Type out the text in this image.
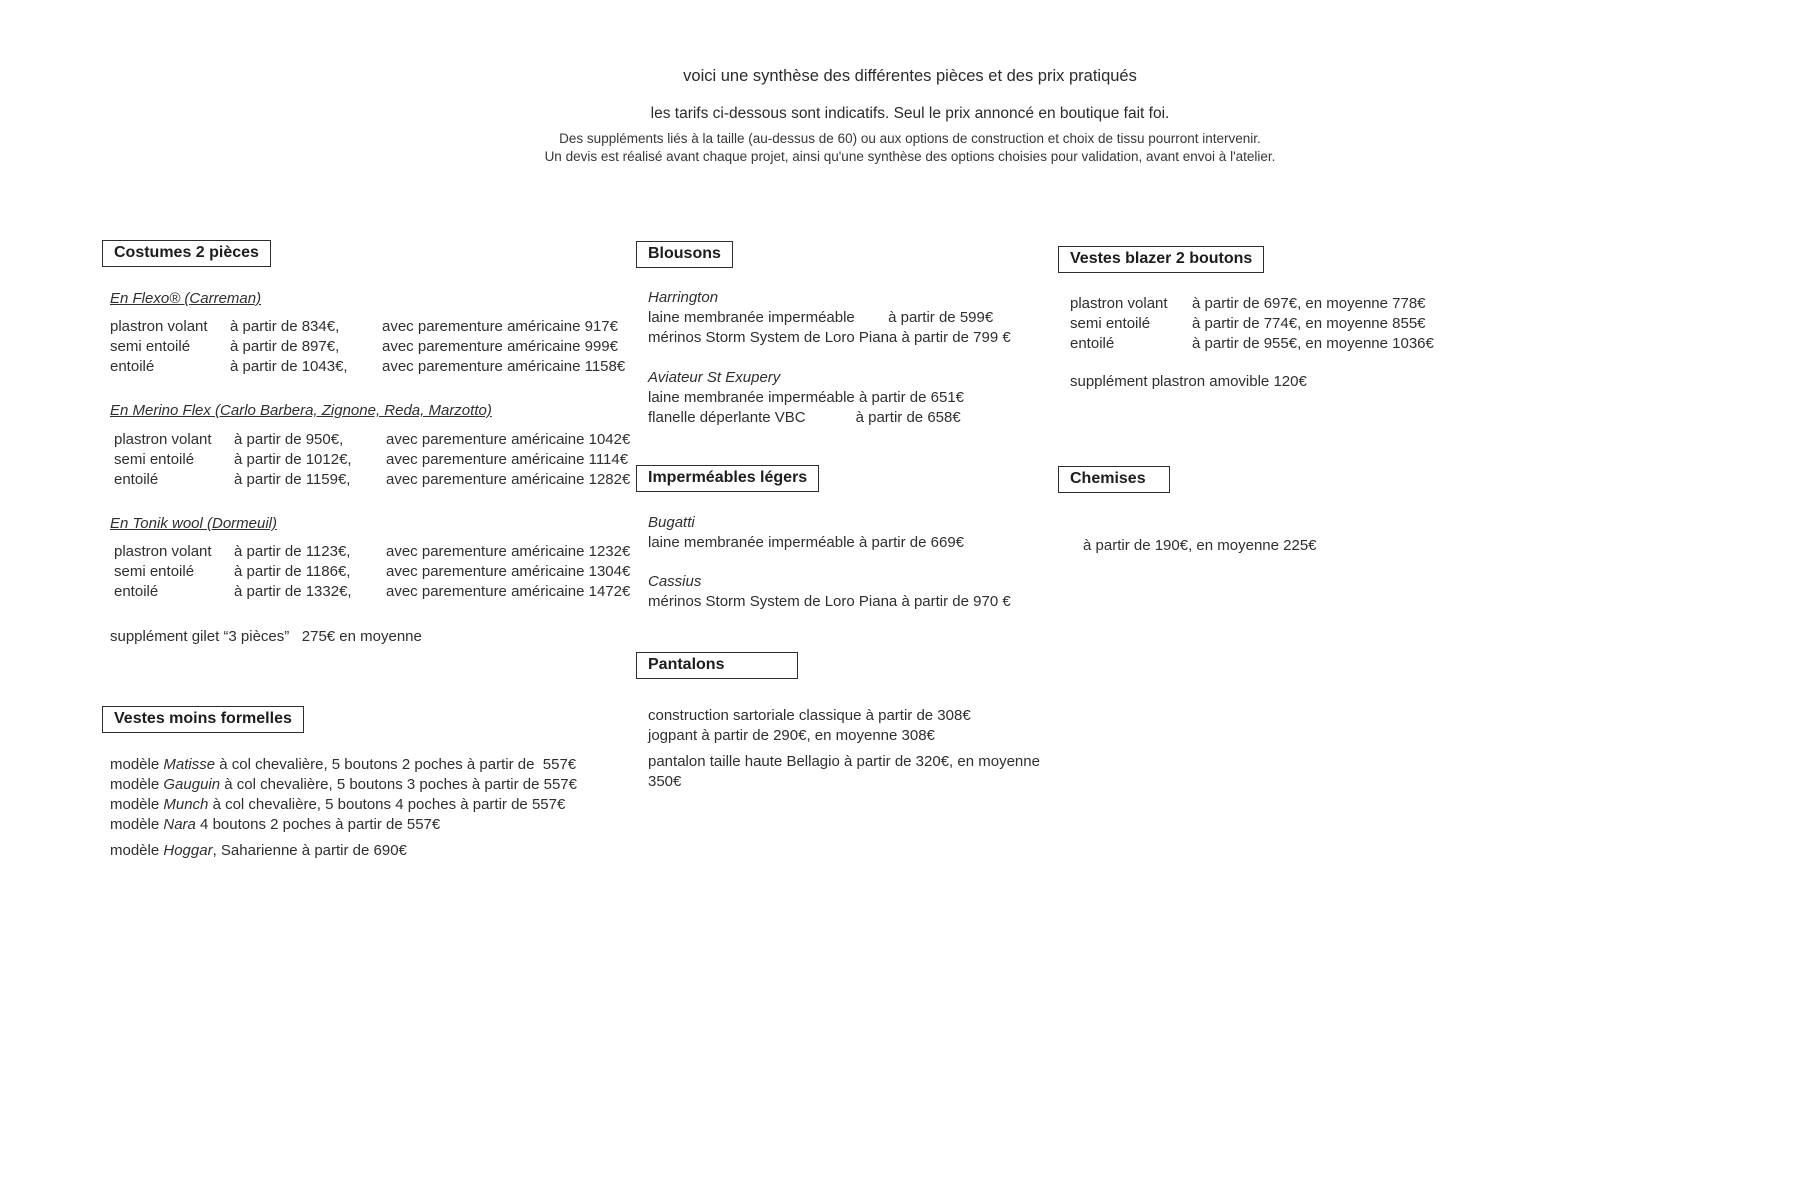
voici une synthèse des différentes pièces et des prix pratiqués
les tarifs ci-dessous sont indicatifs. Seul le prix annoncé en boutique fait foi.
Des suppléments liés à la taille (au-dessus de 60) ou aux options de construction et choix de tissu pourront intervenir.
Un devis est réalisé avant chaque projet, ainsi qu'une synthèse des options choisies pour validation, avant envoi à l'atelier.
Costumes 2 pièces
En Flexo® (Carreman)
plastron volant à partir de 834€,	avec parementure américaine 917€
semi entoilé	à partir de 897€,	avec parementure américaine 999€
entoilé	à partir de 1043€, avec parementure américaine 1158€
En Merino Flex (Carlo Barbera, Zignone, Reda, Marzotto)
plastron volant à partir de 950€,	avec parementure américaine 1042€
semi entoilé	à partir de 1012€, avec parementure américaine 1114€
entoilé	à partir de 1159€, avec parementure américaine 1282€
En Tonik wool (Dormeuil)
plastron volant à partir de 1123€, avec parementure américaine 1232€
semi entoilé	à partir de 1186€, avec parementure américaine 1304€
entoilé	à partir de 1332€, avec parementure américaine 1472€
supplément gilet “3 pièces”   275€ en moyenne
Vestes moins formelles
modèle Matisse à col chevalière, 5 boutons 2 poches à partir de  557€
modèle Gauguin à col chevalière, 5 boutons 3 poches à partir de 557€
modèle Munch à col chevalière, 5 boutons 4 poches à partir de 557€
modèle Nara 4 boutons 2 poches à partir de 557€
modèle Hoggar, Saharienne à partir de 690€
Blousons
Harrington
laine membranée imperméable        à partir de 599€
mérinos Storm System de Loro Piana à partir de 799 €
Aviateur St Exupery
laine membranée imperméable à partir de 651€
flanelle déperlante VBC            à partir de 658€
Imperméables légers
Bugatti
laine membranée imperméable à partir de 669€
Cassius
mérinos Storm System de Loro Piana à partir de 970 €
Pantalons
construction sartoriale classique à partir de 308€
jogpant à partir de 290€, en moyenne 308€
pantalon taille haute Bellagio à partir de 320€, en moyenne 350€
Vestes blazer 2 boutons
plastron volant à partir de 697€, en moyenne 778€
semi entoilé	à partir de 774€, en moyenne 855€
entoilé	à partir de 955€, en moyenne 1036€
supplément plastron amovible 120€
Chemises
à partir de 190€, en moyenne 225€
